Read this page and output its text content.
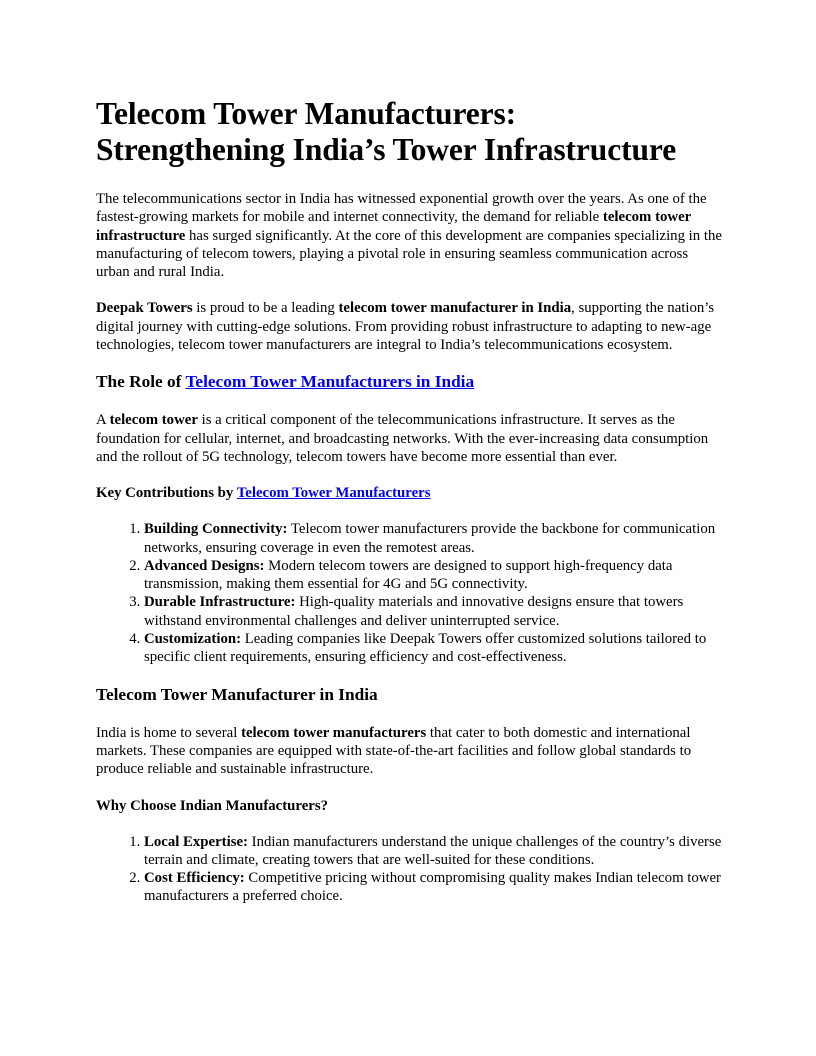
Telecom Tower Manufacturers:
Strengthening India’s Tower Infrastructure

The telecommunications sector in India has witnessed exponential growth over the years. As one of the fastest-growing markets for mobile and internet connectivity, the demand for reliable telecom tower infrastructure has surged significantly. At the core of this development are companies specializing in the manufacturing of telecom towers, playing a pivotal role in ensuring seamless communication across urban and rural India.

Deepak Towers is proud to be a leading telecom tower manufacturer in India, supporting the nation’s digital journey with cutting-edge solutions. From providing robust infrastructure to adapting to new-age technologies, telecom tower manufacturers are integral to India’s telecommunications ecosystem.

The Role of Telecom Tower Manufacturers in India

A telecom tower is a critical component of the telecommunications infrastructure. It serves as the foundation for cellular, internet, and broadcasting networks. With the ever-increasing data consumption and the rollout of 5G technology, telecom towers have become more essential than ever.

Key Contributions by Telecom Tower Manufacturers
1. Building Connectivity: Telecom tower manufacturers provide the backbone for communication networks, ensuring coverage in even the remotest areas.
2. Advanced Designs: Modern telecom towers are designed to support high-frequency data transmission, making them essential for 4G and 5G connectivity.
3. Durable Infrastructure: High-quality materials and innovative designs ensure that towers withstand environmental challenges and deliver uninterrupted service.
4. Customization: Leading companies like Deepak Towers offer customized solutions tailored to specific client requirements, ensuring efficiency and cost-effectiveness.
Telecom Tower Manufacturer in India

India is home to several telecom tower manufacturers that cater to both domestic and international markets. These companies are equipped with state-of-the-art facilities and follow global standards to produce reliable and sustainable infrastructure.

Why Choose Indian Manufacturers?
1. Local Expertise: Indian manufacturers understand the unique challenges of the country’s diverse terrain and climate, creating towers that are well-suited for these conditions.
2. Cost Efficiency: Competitive pricing without compromising quality makes Indian telecom tower manufacturers a preferred choice.
